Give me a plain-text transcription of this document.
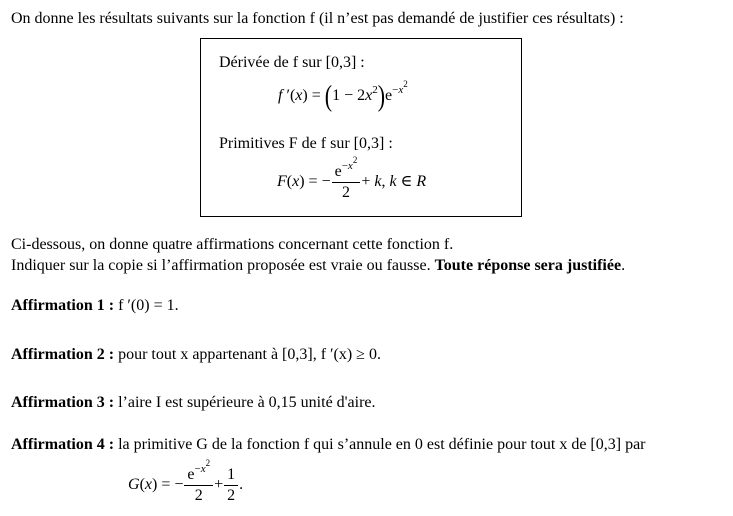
On donne les résultats suivants sur la fonction f (il n’est pas demandé de justifier ces résultats) :
Dérivée de f sur [0,3] :
f $'(x) = (1 - 2x^2)e^{-x^2}$
Primitives F de f sur [0,3] :
F(x) = − $\frac{e^{-x^2}}{2} + k$, k ∈ R
Ci-dessous, on donne quatre affirmations concernant cette fonction f.
Indiquer sur la copie si l’affirmation proposée est vraie ou fausse. Toute réponse sera justifiée.
Affirmation 1 : f ′(0) = 1.
Affirmation 2 : pour tout x appartenant à [0,3], f ′(x) ≥ 0.
Affirmation 3 : l’aire I est supérieure à 0,15 unité d'aire.
Affirmation 4 : la primitive G de la fonction f qui s’annule en 0 est définie pour tout x de [0,3] par
G(x) = − $\frac{e^{-x^2}}{2} + \frac{1}{2}$ .
